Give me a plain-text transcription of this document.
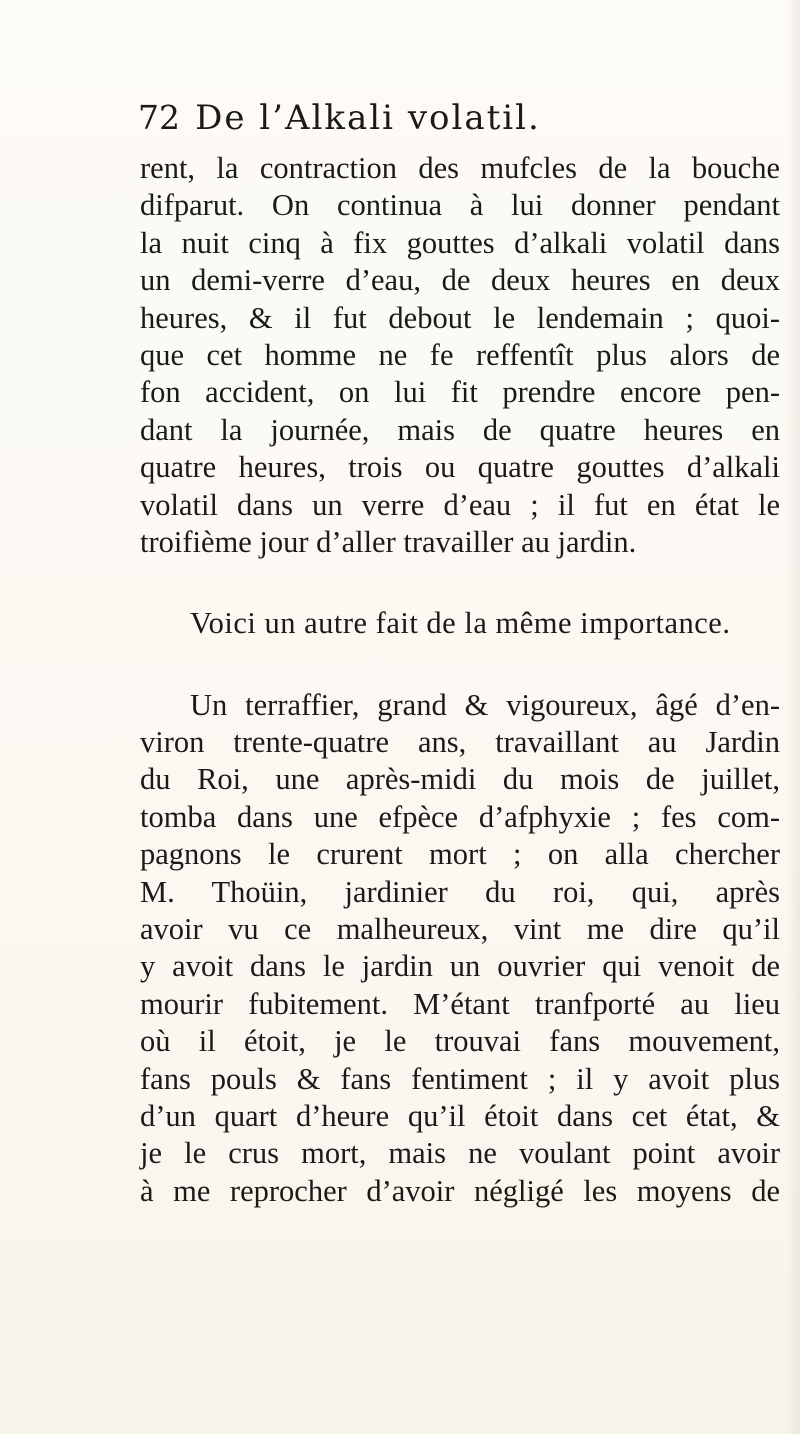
72 De l’Alkali volatil.
rent, la contraction des mufcles de la bouche
difparut. On continua à lui donner pendant
la nuit cinq à fix gouttes d’alkali volatil dans
un demi-verre d’eau, de deux heures en deux
heures, & il fut debout le lendemain ; quoi-
que cet homme ne fe reffentît plus alors de
fon accident, on lui fit prendre encore pen-
dant la journée, mais de quatre heures en
quatre heures, trois ou quatre gouttes d’alkali
volatil dans un verre d’eau ; il fut en état le
troifième jour d’aller travailler au jardin.
Voici un autre fait de la même importance.
Un terraffier, grand & vigoureux, âgé d’en-
viron trente-quatre ans, travaillant au Jardin
du Roi, une après-midi du mois de juillet,
tomba dans une efpèce d’afphyxie ; fes com-
pagnons le crurent mort ; on alla chercher
M. Thoüin, jardinier du roi, qui, après
avoir vu ce malheureux, vint me dire qu’il
y avoit dans le jardin un ouvrier qui venoit de
mourir fubitement. M’étant tranfporté au lieu
où il étoit, je le trouvai fans mouvement,
fans pouls & fans fentiment ; il y avoit plus
d’un quart d’heure qu’il étoit dans cet état, &
je le crus mort, mais ne voulant point avoir
à me reprocher d’avoir négligé les moyens de
